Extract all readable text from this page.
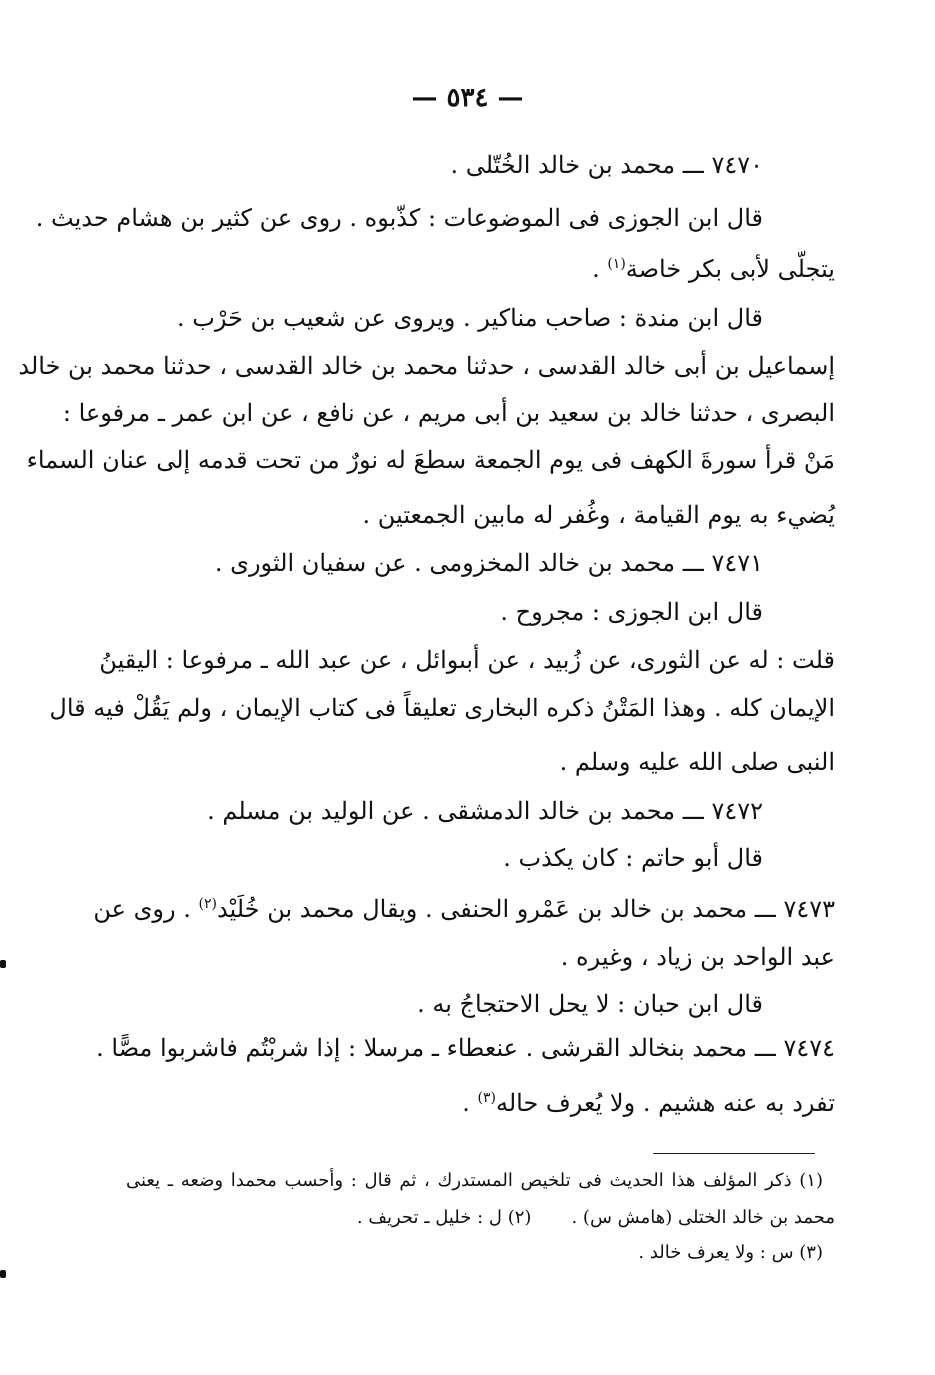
— ٥٣٤ —
٧٤٧٠ ـــ محمد بن خالد الخُتّلى .
قال ابن الجوزى فى الموضوعات : كذّبوه . روى عن كثير بن هشام حديث .
يتجلّى لأبى بكر خاصة$^{(١)}$ .
قال ابن مندة : صاحب مناكير . ويروى عن شعيب بن حَرْب .
إسماعيل بن أبى خالد القدسى ، حدثنا محمد بن خالد القدسى ، حدثنا محمد بن خالد
البصرى ، حدثنا خالد بن سعيد بن أبى مريم ، عن نافع ، عن ابن عمر ـ مرفوعا :
مَنْ قرأ سورةَ الكهف فى يوم الجمعة سطعَ له نورٌ من تحت قدمه إلى عنان السماء
يُضيء به يوم القيامة ، وغُفر له مابين الجمعتين .
٧٤٧١ ـــ محمد بن خالد المخزومى . عن سفيان الثورى .
قال ابن الجوزى : مجروح .
قلت : له عن الثورى، عن زُبيد ، عن أبىوائل ، عن عبد الله ـ مرفوعا : اليقينُ
الإيمان كله . وهذا المَتْنُ ذكره البخارى تعليقاً فى كتاب الإيمان ، ولم يَقُلْ فيه قال
النبى صلى الله عليه وسلم .
٧٤٧٢ ـــ محمد بن خالد الدمشقى . عن الوليد بن مسلم .
قال أبو حاتم : كان يكذب .
٧٤٧٣ ـــ محمد بن خالد بن عَمْرو الحنفى . ويقال محمد بن خُلَيْد$^{(٢)}$ . روى عن
عبد الواحد بن زياد ، وغيره .
قال ابن حبان : لا يحل الاحتجاجُ به .
٧٤٧٤ ـــ محمد بنخالد القرشى . عنعطاء ـ مرسلا : إذا شربْتُم فاشربوا مصًّا .
تفرد به عنه هشيم . ولا يُعرف حاله$^{(٣)}$ .
(١) ذكر المؤلف هذا الحديث فى تلخيص المستدرك ، ثم قال : وأحسب محمدا وضعه ـ يعنى
محمد بن خالد الختلى (هامش س) .       (٢) ل : خليل ـ تحريف .
(٣) س : ولا يعرف خالد .
